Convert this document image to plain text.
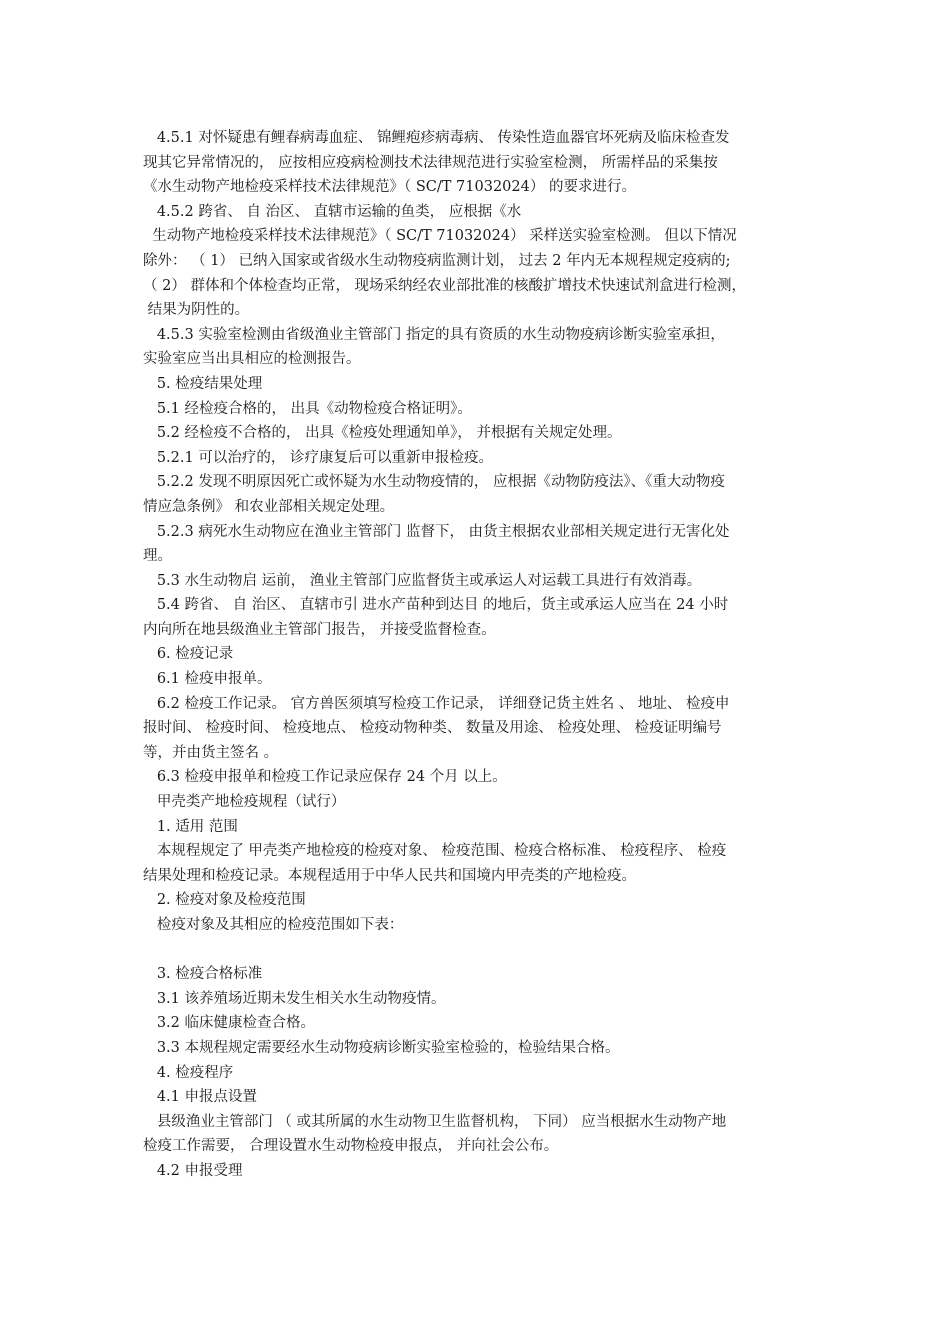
4.5.1 对怀疑患有鲤春病毒血症、 锦鲤疱疹病毒病、 传染性造血器官坏死病及临床检查发
现其它异常情况的， 应按相应疫病检测技术法律规范进行实验室检测， 所需样品的采集按
《水生动物产地检疫采样技术法律规范》（ SC/T 71032024） 的要求进行。
4.5.2 跨省、 自 治区、 直辖市运输的鱼类， 应根据《水
生动物产地检疫采样技术法律规范》（ SC/T 71032024） 采样送实验室检测。 但以下情况
除外： （ 1） 已纳入国家或省级水生动物疫病监测计划， 过去 2 年内无本规程规定疫病的;
（ 2） 群体和个体检查均正常， 现场采纳经农业部批准的核酸扩增技术快速试剂盒进行检测，
结果为阴性的。
4.5.3 实验室检测由省级渔业主管部门 指定的具有资质的水生动物疫病诊断实验室承担，
实验室应当出具相应的检测报告。
5. 检疫结果处理
5.1 经检疫合格的， 出具《动物检疫合格证明》。
5.2 经检疫不合格的， 出具《检疫处理通知单》， 并根据有关规定处理。
5.2.1 可以治疗的， 诊疗康复后可以重新申报检疫。
5.2.2 发现不明原因死亡或怀疑为水生动物疫情的， 应根据《动物防疫法》、《重大动物疫
情应急条例》 和农业部相关规定处理。
5.2.3 病死水生动物应在渔业主管部门 监督下， 由货主根据农业部相关规定进行无害化处
理。
5.3 水生动物启 运前， 渔业主管部门应监督货主或承运人对运载工具进行有效消毒。
5.4 跨省、 自 治区、 直辖市引 进水产苗种到达目 的地后，货主或承运人应当在 24 小时
内向所在地县级渔业主管部门报告， 并接受监督检查。
6. 检疫记录
6.1 检疫申报单。
6.2 检疫工作记录。 官方兽医须填写检疫工作记录， 详细登记货主姓名 、 地址、 检疫申
报时间、 检疫时间、 检疫地点、 检疫动物种类、 数量及用途、 检疫处理、 检疫证明编号
等，并由货主签名 。
6.3 检疫申报单和检疫工作记录应保存 24 个月 以上。
甲壳类产地检疫规程（试行）
1. 适用 范围
本规程规定了 甲壳类产地检疫的检疫对象、 检疫范围、检疫合格标准、 检疫程序、 检疫
结果处理和检疫记录。本规程适用于中华人民共和国境内甲壳类的产地检疫。
2. 检疫对象及检疫范围
检疫对象及其相应的检疫范围如下表：
3. 检疫合格标准
3.1 该养殖场近期未发生相关水生动物疫情。
3.2 临床健康检查合格。
3.3 本规程规定需要经水生动物疫病诊断实验室检验的，检验结果合格。
4. 检疫程序
4.1 申报点设置
县级渔业主管部门 （ 或其所属的水生动物卫生监督机构， 下同） 应当根据水生动物产地
检疫工作需要， 合理设置水生动物检疫申报点， 并向社会公布。
4.2 申报受理
